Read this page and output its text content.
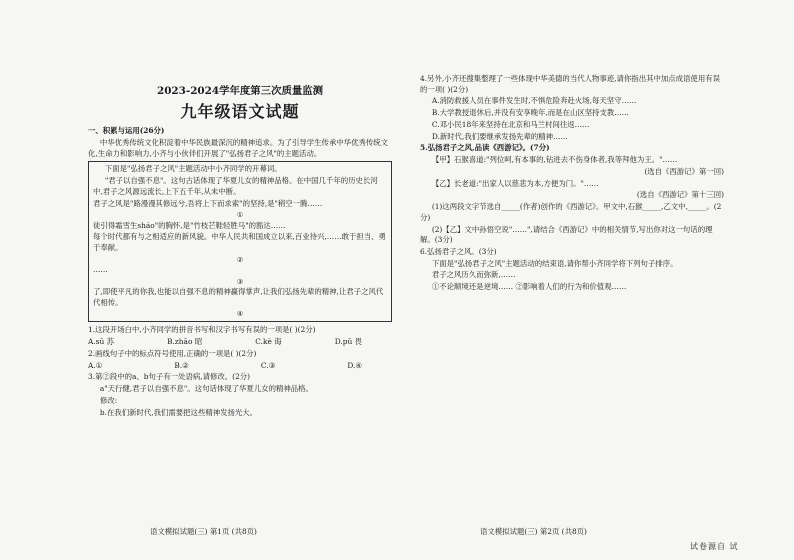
2023-2024学年度第三次质量监测
九年级语文试题
一、积累与运用(26分)

中华优秀传统文化积淀着中华民族最深沉的精神追求。为了引导学生传承中华优秀传统文化,生命力和影响力,小齐与小伙伴们开展了"弘扬君子之风"的主题活动。

下面是"弘扬君子之风"主题活动中小齐同学的开幕词。

"君子以自强不息"。这句古话体现了华夏儿女的精神品格。在中国几千年的历史长河中,君子之风源远流长,上下五千年,从未中断。

君子之风是"路漫漫其修远兮,吾将上下而求索"的坚持,是"稍空一腾……

①

徒引得霜雪生sháo"的胸怀,是"竹枝芒鞋轻胜马"的豁达……

每个时代都有与之相适应的新风貌。中华人民共和国成立以来,百业待兴,……敢于担当、勇于奉献。

②

……

③

了,即使平凡的你我,也能以自强不息的精神赢得掌声,让我们弘扬先辈的精神,让君子之风代代相传。

④

1.这段开场白中,小齐同学的拼音书写和汉字书写有误的一项是( )(2分)

A.sū 苏	B.zhāo 昭	C.kè 诲	D.pǔ 畏

2.画线句子中的标点符号使用,正确的一项是( )(2分)

A.①	B.②	C.③	D.④

3.第②段中的a、b句子有一处语病,请修改。(2分)

a"天行健,君子以自强不息"。这句话体现了华夏儿女的精神品格。

修改:

b.在我们新时代,我们需要把这些精神发扬光大。

4.另外,小齐还搜集整理了一些体现中华美德的当代人物事迹,请你指出其中加点成语使用有误的一项( )(2分)

A.消防救援人员在事件发生时,不惧危险奔赴火场,每天坚守……

B.大学教授退休后,并没有安享晚年,而是在山区坚持支教……

C.邓小民18年来坚持在北京和马兰村间往返……

D.新时代,我们要继承发扬先辈的精神……

5.弘扬君子之风,品读《西游记》。(7分)

【甲】石猴喜道:"列位呵,有本事的,钻进去不伤身体者,我等拜他为王。"……

(选自《西游记》第一回)

【乙】长老道:"出家人以慈悲为本,方便为门。"……

(选自《西游记》第十三回)

(1)这两段文字节选自_____(作者)创作的《西游记》。甲文中,石猴_____,乙文中,_____。(2分)

(2)【乙】文中孙悟空说"……",请结合《西游记》中的相关情节,写出你对这一句话的理解。(3分)

6.弘扬君子之风。(3分)

下面是"弘扬君子之风"主题活动的结束语,请你帮小齐同学将下列句子排序。

君子之风历久而弥新,……

①不论顺境还是逆境…… ②影响着人们的行为和价值观……

语文模拟试题(三) 第1页 (共8页)	语文模拟试题(三) 第2页 (共8页)
试卷源自 试
